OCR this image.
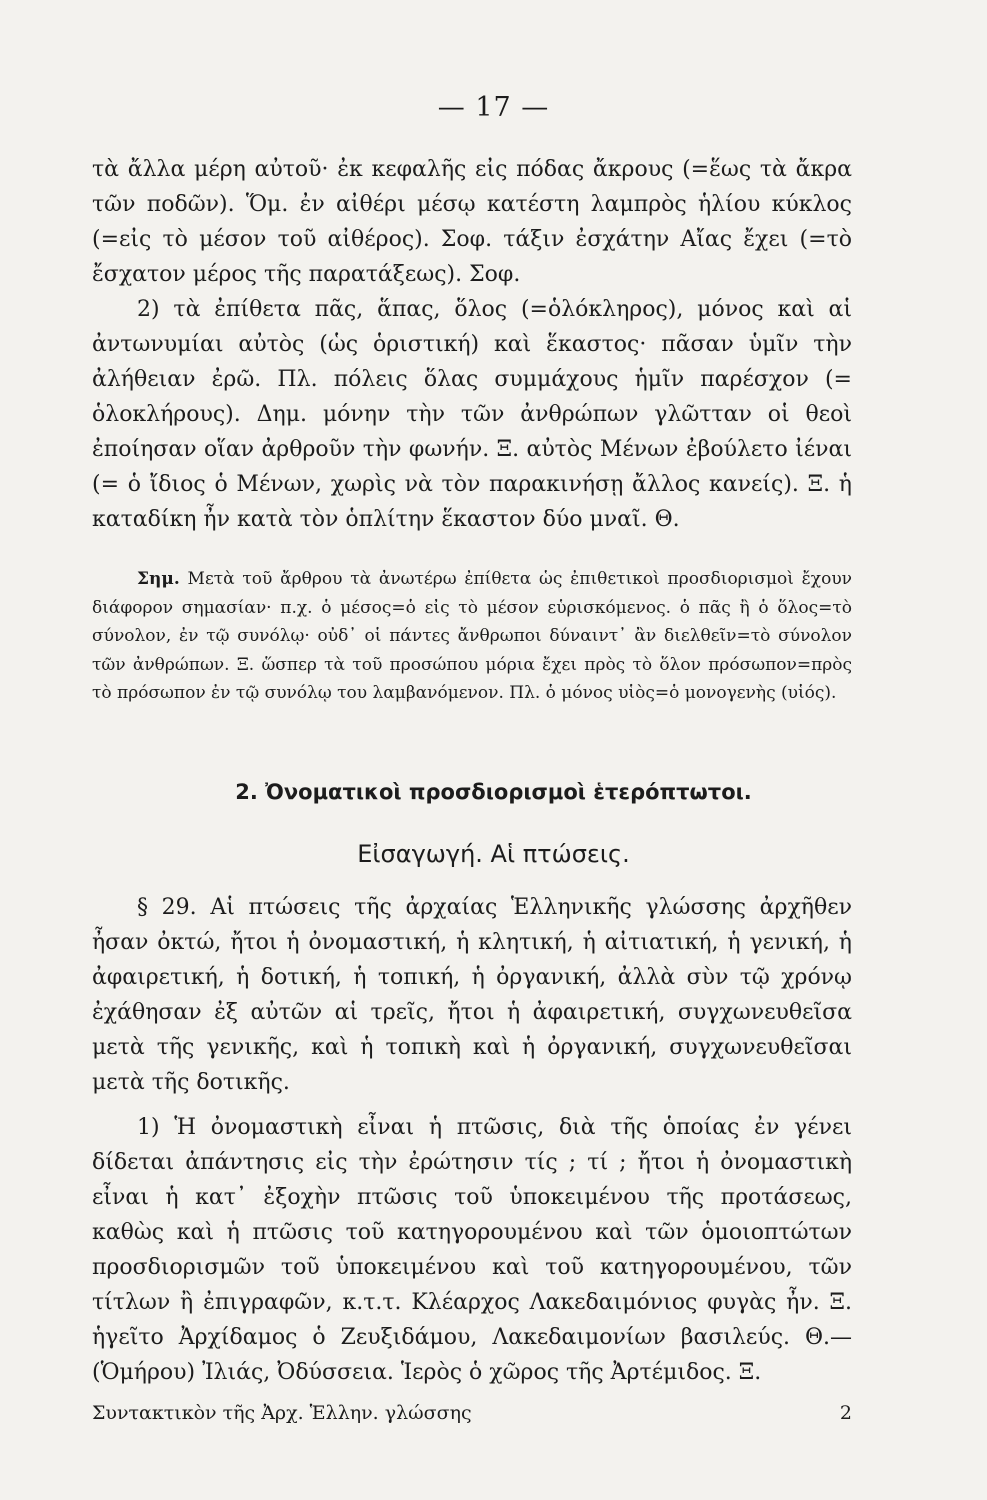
— 17 —

τὰ ἄλλα μέρη αὐτοῦ· ἐκ κεφαλῆς εἰς πόδας ἄκρους (=ἕως τὰ ἄκρα τῶν ποδῶν). Ὅμ. ἐν αἰθέρι μέσῳ κατέστη λαμπρὸς ἡλίου κύκλος (=εἰς τὸ μέσον τοῦ αἰθέρος). Σοφ. τάξιν ἐσχάτην Αἴας ἔχει (=τὸ ἔσχατον μέρος τῆς παρατάξεως). Σοφ.

2) τὰ ἐπίθετα πᾶς, ἅπας, ὅλος (=ὁλόκληρος), μόνος καὶ αἱ ἀντωνυμίαι αὐτὸς (ὡς ὁριστική) καὶ ἕκαστος· πᾶσαν ὑμῖν τὴν ἀλήθειαν ἐρῶ. Πλ. πόλεις ὅλας συμμάχους ἡμῖν παρέσχον (= ὁλοκλήρους). Δημ. μόνην τὴν τῶν ἀνθρώπων γλῶτταν οἱ θεοὶ ἐποίησαν οἵαν ἀρθροῦν τὴν φωνήν. Ξ. αὐτὸς Μένων ἐβούλετο ἰέναι (= ὁ ἴδιος ὁ Μένων, χωρὶς νὰ τὸν παρακινήσῃ ἄλλος κανείς). Ξ. ἡ καταδίκη ἦν κατὰ τὸν ὁπλίτην ἕκαστον δύο μναῖ. Θ.

Σημ. Μετὰ τοῦ ἄρθρου τὰ ἀνωτέρω ἐπίθετα ὡς ἐπιθετικοὶ προσδιορισμοὶ ἔχουν διάφορον σημασίαν· π.χ. ὁ μέσος=ὁ εἰς τὸ μέσον εὑρισκόμενος. ὁ πᾶς ἢ ὁ ὅλος=τὸ σύνολον, ἐν τῷ συνόλῳ· οὐδ᾿ οἱ πάντες ἄνθρωποι δύναιντ᾿ ἂν διελθεῖν=τὸ σύνολον τῶν ἀνθρώπων. Ξ. ὥσπερ τὰ τοῦ προσώπου μόρια ἔχει πρὸς τὸ ὅλον πρόσωπον=πρὸς τὸ πρόσωπον ἐν τῷ συνόλῳ του λαμβανόμενον. Πλ. ὁ μόνος υἱὸς=ὁ μονογενὴς (υἱός).

2. Ὀνοματικοὶ προσδιορισμοὶ ἑτερόπτωτοι.
Εἰσαγωγή. Αἱ πτώσεις.

§ 29. Αἱ πτώσεις τῆς ἀρχαίας Ἑλληνικῆς γλώσσης ἀρχῆθεν ἦσαν ὀκτώ, ἤτοι ἡ ὀνομαστική, ἡ κλητική, ἡ αἰτιατική, ἡ γενική, ἡ ἀφαιρετική, ἡ δοτική, ἡ τοπική, ἡ ὀργανική, ἀλλὰ σὺν τῷ χρόνῳ ἐχάθησαν ἐξ αὐτῶν αἱ τρεῖς, ἤτοι ἡ ἀφαιρετική, συγχωνευθεῖσα μετὰ τῆς γενικῆς, καὶ ἡ τοπικὴ καὶ ἡ ὀργανική, συγχωνευθεῖσαι μετὰ τῆς δοτικῆς.

1) Ἡ ὀνομαστικὴ εἶναι ἡ πτῶσις, διὰ τῆς ὁποίας ἐν γένει δίδεται ἀπάντησις εἰς τὴν ἐρώτησιν τίς ; τί ; ἤτοι ἡ ὀνομαστικὴ εἶναι ἡ κατ᾿ ἐξοχὴν πτῶσις τοῦ ὑποκειμένου τῆς προτάσεως, καθὼς καὶ ἡ πτῶσις τοῦ κατηγορουμένου καὶ τῶν ὁμοιοπτώτων προσδιορισμῶν τοῦ ὑποκειμένου καὶ τοῦ κατηγορουμένου, τῶν τίτλων ἢ ἐπιγραφῶν, κ.τ.τ. Κλέαρχος Λακεδαιμόνιος φυγὰς ἦν. Ξ. ἡγεῖτο Ἀρχίδαμος ὁ Ζευξιδάμου, Λακεδαιμονίων βασιλεύς. Θ.— (Ὁμήρου) Ἰλιάς, Ὀδύσσεια. Ἱερὸς ὁ χῶρος τῆς Ἀρτέμιδος. Ξ.

Συντακτικὸν τῆς Ἀρχ. Ἑλλην. γλώσσης	2
